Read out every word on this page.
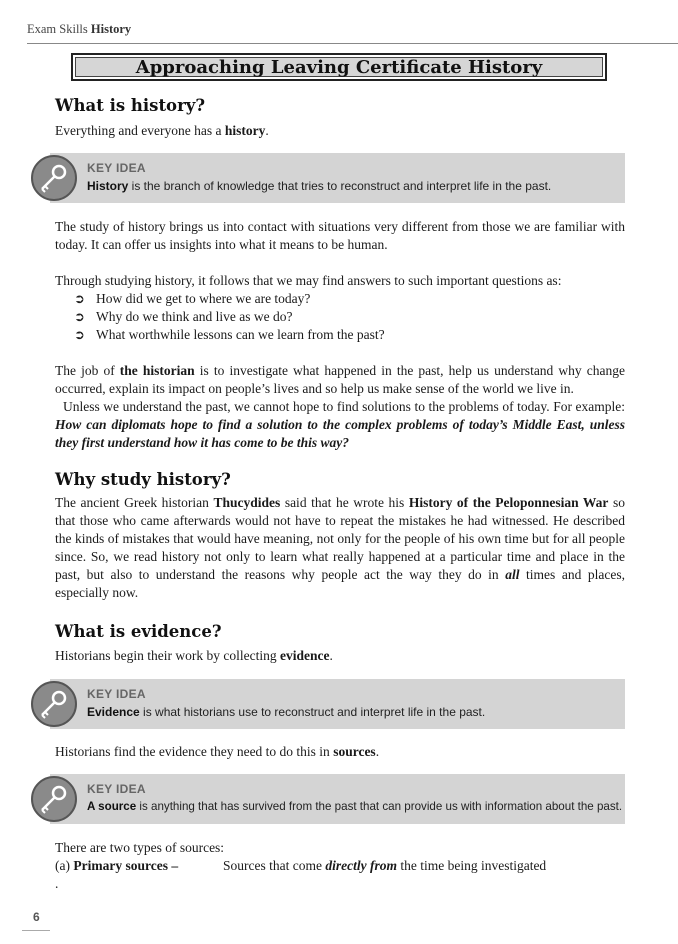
Exam Skills History
Approaching Leaving Certificate History
What is history?
Everything and everyone has a history.
KEY IDEA
History is the branch of knowledge that tries to reconstruct and interpret life in the past.
The study of history brings us into contact with situations very different from those we are familiar with today. It can offer us insights into what it means to be human.
Through studying history, it follows that we may find answers to such important questions as:
➲ How did we get to where we are today?
➲ Why do we think and live as we do?
➲ What worthwhile lessons can we learn from the past?
The job of the historian is to investigate what happened in the past, help us understand why change occurred, explain its impact on people’s lives and so help us make sense of the world we live in.
Unless we understand the past, we cannot hope to find solutions to the problems of today. For example: How can diplomats hope to find a solution to the complex problems of today’s Middle East, unless they first understand how it has come to be this way?
Why study history?
The ancient Greek historian Thucydides said that he wrote his History of the Peloponnesian War so that those who came afterwards would not have to repeat the mistakes he had witnessed. He described the kinds of mistakes that would have meaning, not only for the people of his own time but for all people since. So, we read history not only to learn what really happened at a particular time and place in the past, but also to understand the reasons why people act the way they do in all times and places, especially now.
What is evidence?
Historians begin their work by collecting evidence.
KEY IDEA
Evidence is what historians use to reconstruct and interpret life in the past.
Historians find the evidence they need to do this in sources.
KEY IDEA
A source is anything that has survived from the past that can provide us with information about the past.
There are two types of sources:
(a) Primary sources –	Sources that come directly from the time being investigated
.
6
